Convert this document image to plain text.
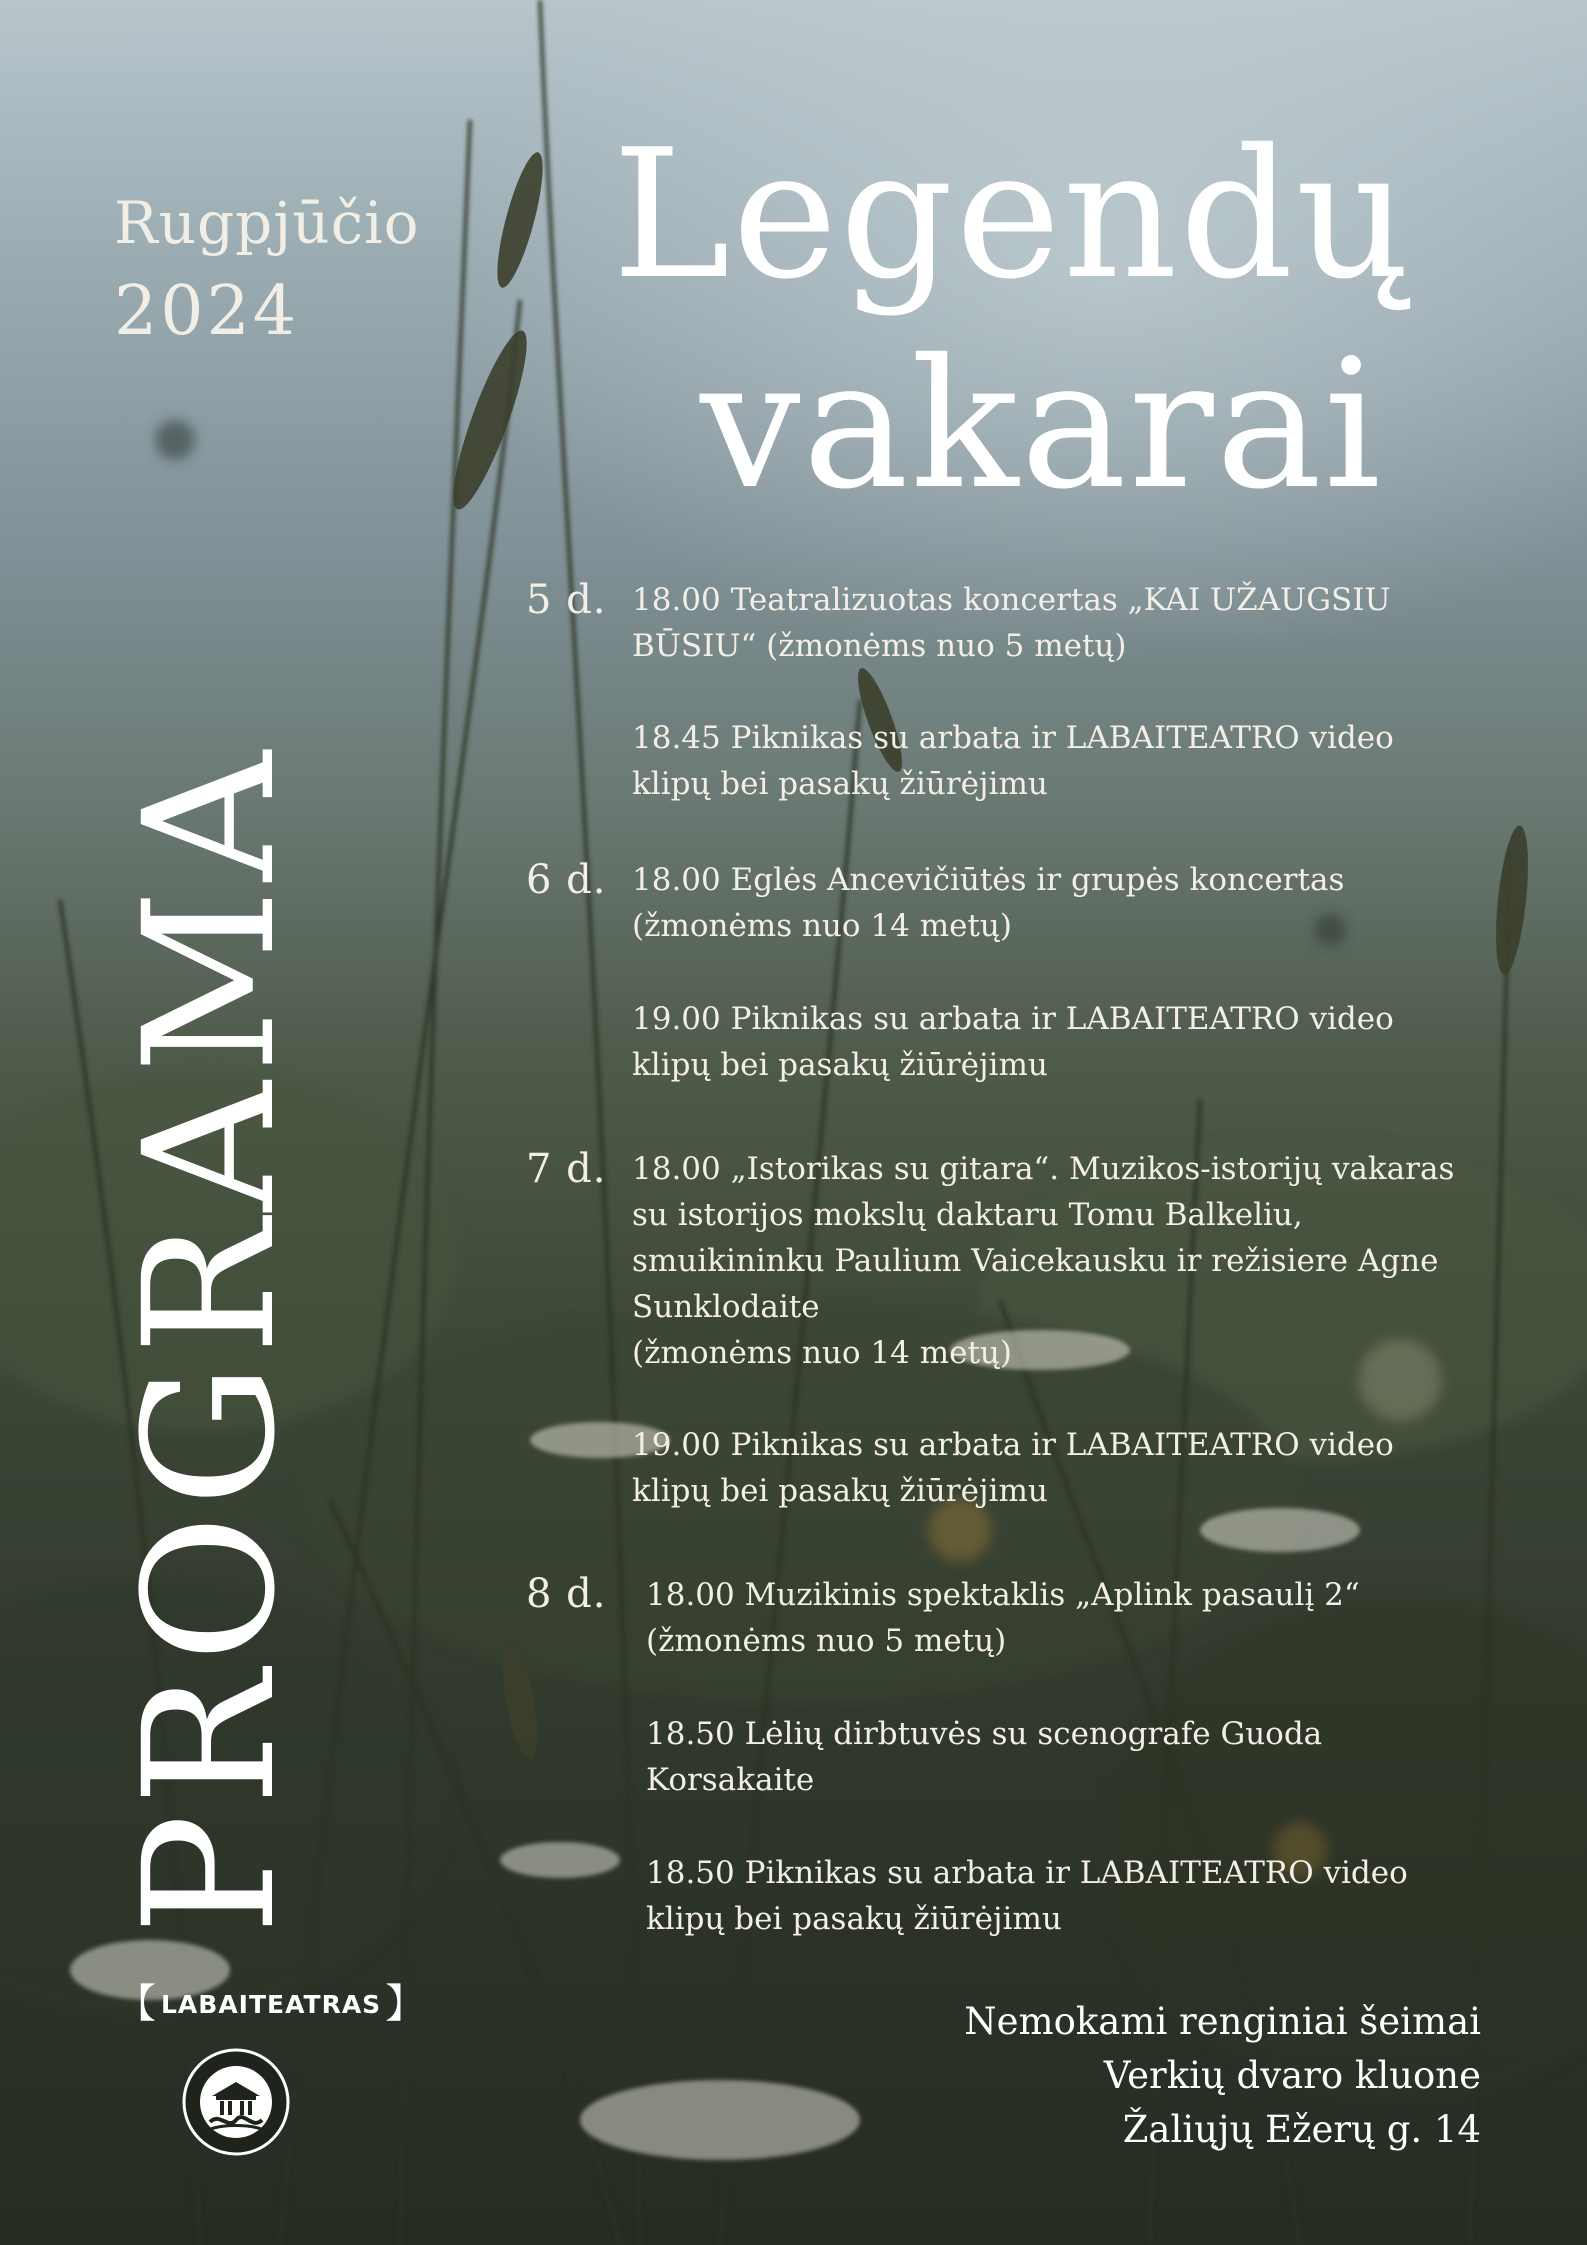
Rugpjūčio
2024 Legendų
vakarai
PROGRAMA
5 d. 18.00 Teatralizuotas koncertas „KAI UŽAUGSIU
BŪSIU“ (žmonėms nuo 5 metų)
18.45 Piknikas su arbata ir LABAITEATRO video
klipų bei pasakų žiūrėjimu
6 d. 18.00 Eglės Ancevičiūtės ir grupės koncertas
(žmonėms nuo 14 metų)
19.00 Piknikas su arbata ir LABAITEATRO video
klipų bei pasakų žiūrėjimu
7 d. 18.00 „Istorikas su gitara“. Muzikos-istorijų vakaras
su istorijos mokslų daktaru Tomu Balkeliu,
smuikininku Paulium Vaicekausku ir režisiere Agne
Sunklodaite
(žmonėms nuo 14 metų)
19.00 Piknikas su arbata ir LABAITEATRO video
klipų bei pasakų žiūrėjimu
8 d. 18.00 Muzikinis spektaklis „Aplink pasaulį 2“
(žmonėms nuo 5 metų)
18.50 Lėlių dirbtuvės su scenografe Guoda
Korsakaite
18.50 Piknikas su arbata ir LABAITEATRO video
klipų bei pasakų žiūrėjimu
【 LABAITEATRAS 】	Nemokami renginiai šeimai
Verkių dvaro kluone
Žaliųjų Ežerų g. 14
